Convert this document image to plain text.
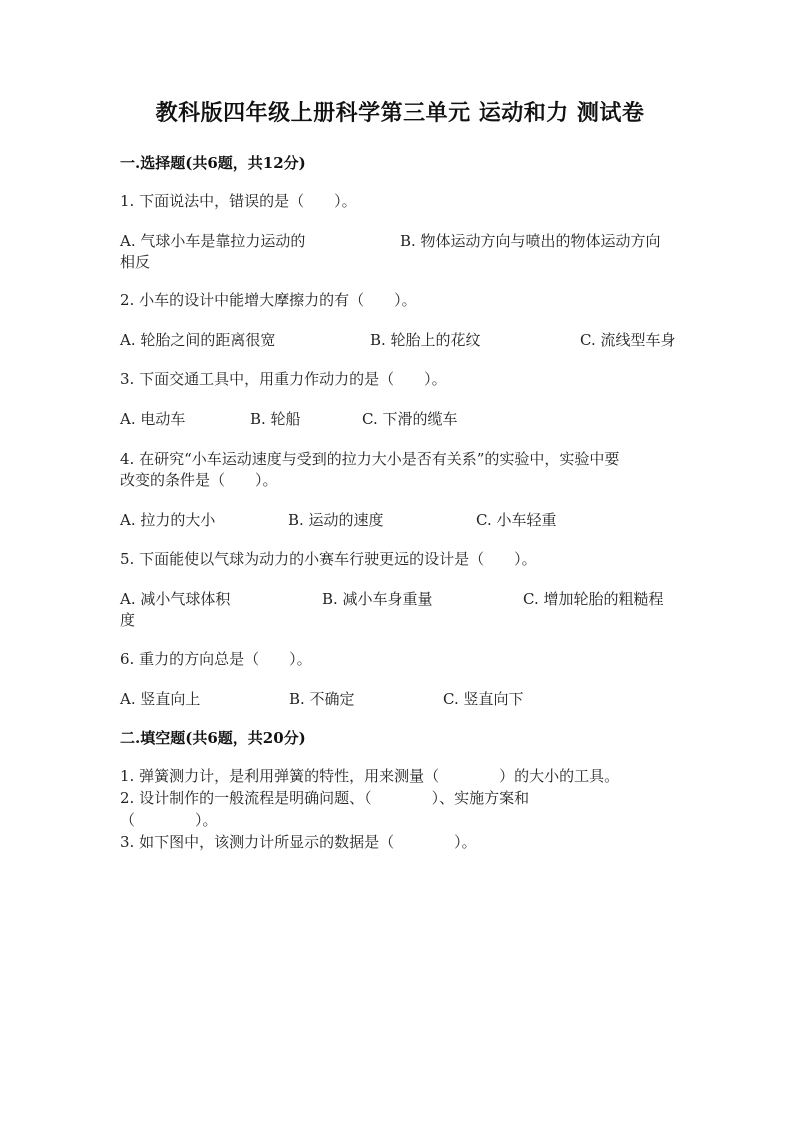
教科版四年级上册科学第三单元 运动和力 测试卷
一.选择题(共6题，共12分)
1. 下面说法中，错误的是（　　）。
A. 气球小车是靠拉力运动的	B. 物体运动方向与喷出的物体运动方向
相反
2. 小车的设计中能增大摩擦力的有（　　）。
A. 轮胎之间的距离很宽	B. 轮胎上的花纹	C. 流线型车身
3. 下面交通工具中，用重力作动力的是（　　）。
A. 电动车	B. 轮船	C. 下滑的缆车
4. 在研究“小车运动速度与受到的拉力大小是否有关系”的实验中，实验中要
改变的条件是（　　）。
A. 拉力的大小	B. 运动的速度	C. 小车轻重
5. 下面能使以气球为动力的小赛车行驶更远的设计是（　　）。
A. 减小气球体积	B. 减小车身重量	C. 增加轮胎的粗糙程
度
6. 重力的方向总是（　　）。
A. 竖直向上	B. 不确定	C. 竖直向下
二.填空题(共6题，共20分)
1. 弹簧测力计，是利用弹簧的特性，用来测量（　　　　）的大小的工具。
2. 设计制作的一般流程是明确问题、（　　　　）、实施方案和
（　　　　）。
3. 如下图中，该测力计所显示的数据是（　　　　）。
